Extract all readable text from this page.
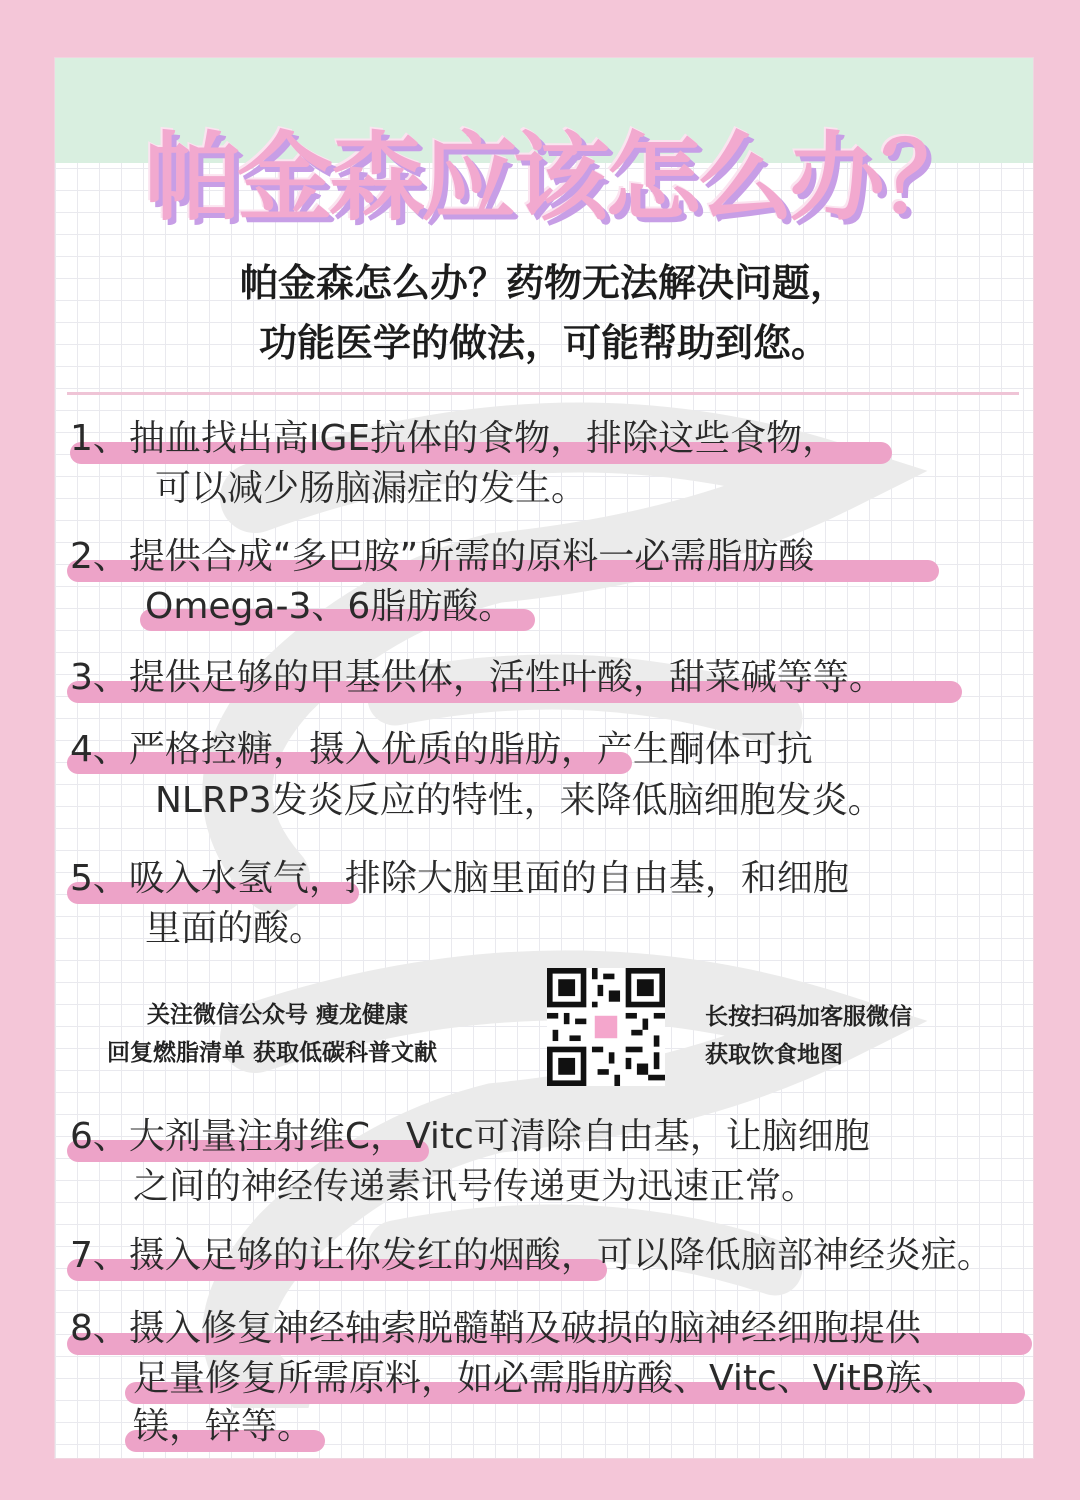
帕金森应该怎么办？
帕金森怎么办？药物无法解决问题，
功能医学的做法，可能帮助到您。
1、抽血找出高IGE抗体的食物，排除这些食物，
可以减少肠脑漏症的发生。
2、提供合成“多巴胺”所需的原料一必需脂肪酸
Omega-3、6脂肪酸。
3、提供足够的甲基供体，活性叶酸，甜菜碱等等。
4、严格控糖，摄入优质的脂肪，产生酮体可抗
NLRP3发炎反应的特性，来降低脑细胞发炎。
5、吸入水氢气，排除大脑里面的自由基，和细胞
里面的酸。
关注微信公众号 瘦龙健康
回复燃脂清单 获取低碳科普文献
长按扫码加客服微信
获取饮食地图
6、大剂量注射维C，Vitc可清除自由基，让脑细胞
之间的神经传递素讯号传递更为迅速正常。
7、摄入足够的让你发红的烟酸，可以降低脑部神经炎症。
8、摄入修复神经轴索脱髓鞘及破损的脑神经细胞提供
足量修复所需原料，如必需脂肪酸、Vitc、VitB族、
镁，锌等。
